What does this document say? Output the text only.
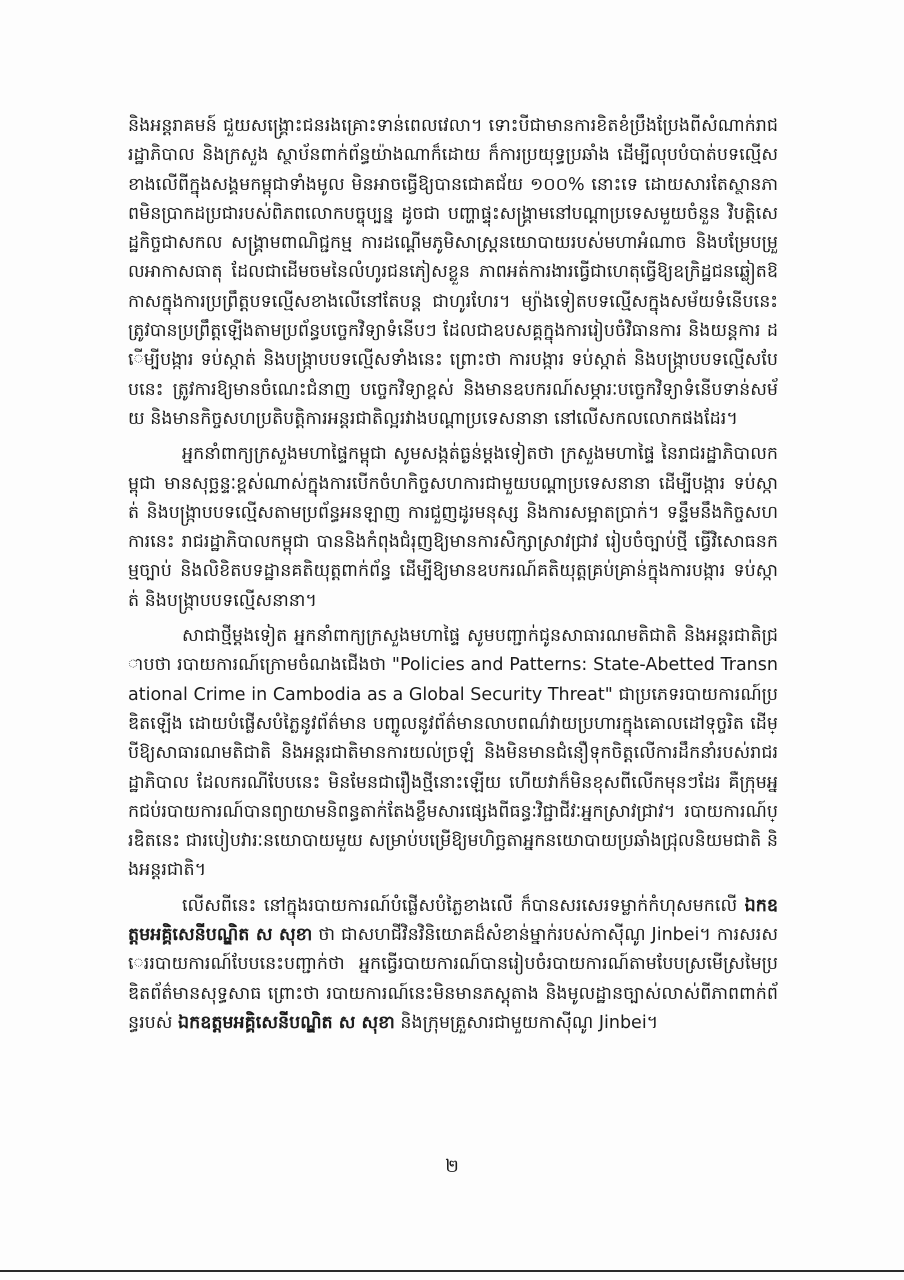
និងអន្តរាគមន៍ ជួយសង្គ្រោះជនរងគ្រោះទាន់ពេលវេលា។ ទោះបីជាមានការខិតខំប្រឹងប្រែងពីសំណាក់រាជរដ្ឋាភិបាល និងក្រសួង ស្ថាប័នពាក់ព័ន្ធយ៉ាងណាក៏ដោយ ក៏ការប្រយុទ្ធប្រឆាំង ដើម្បីលុបបំបាត់បទល្មើសខាងលើពីក្នុងសង្គមកម្ពុជាទាំងមូល មិនអាចធ្វើឱ្យបានជោគជ័យ ១០០% នោះទេ ដោយសារតែស្ថានភាពមិនប្រាកដប្រជារបស់ពិភពលោកបច្ចុប្បន្ន ដូចជា បញ្ហាផ្ទុះសង្គ្រាមនៅបណ្តាប្រទេសមួយចំនួន វិបត្តិសេដ្ឋកិច្ចជាសកល សង្គ្រាមពាណិជ្ជកម្ម ការដណ្តើមភូមិសាស្ត្រនយោបាយរបស់មហាអំណាច និងបម្រែបម្រួលអាកាសធាតុ ដែលជាដើមចមនៃលំហូរជនភៀសខ្លួន ភាពអត់ការងារធ្វើជាហេតុធ្វើឱ្យឧក្រិដ្ឋជនឆ្លៀតឱកាសក្នុងការប្រព្រឹត្តបទល្មើសខាងលើនៅតែបន្ត ជាហូរហែរ។ ម្យ៉ាងទៀតបទល្មើសក្នុងសម័យទំនើបនេះ ត្រូវបានប្រព្រឹត្តឡើងតាមប្រព័ន្ធបច្ចេកវិទ្យាទំនើបៗ ដែលជាឧបសគ្គក្នុងការរៀបចំវិធានការ និងយន្តការ ដើម្បីបង្ការ ទប់ស្កាត់ និងបង្ក្រាបបទល្មើសទាំងនេះ ព្រោះថា ការបង្ការ ទប់ស្កាត់ និងបង្ក្រាបបទល្មើសបែបនេះ ត្រូវការឱ្យមានចំណេះជំនាញ បច្ចេកវិទ្យាខ្ពស់ និងមានឧបករណ៍សម្ភារៈបច្ចេកវិទ្យាទំនើបទាន់សម័យ និងមានកិច្ចសហប្រតិបត្តិការអន្តរជាតិល្អរវាងបណ្តាប្រទេសនានា នៅលើសកលលោកផងដែរ។

អ្នកនាំពាក្យក្រសួងមហាផ្ទៃកម្ពុជា សូមសង្កត់ធ្ងន់ម្តងទៀតថា ក្រសួងមហាផ្ទៃ នៃរាជរដ្ឋាភិបាលកម្ពុជា មានសុច្ឆន្ទៈខ្ពស់ណាស់ក្នុងការបើកចំហកិច្ចសហការជាមួយបណ្តាប្រទេសនានា ដើម្បីបង្ការ ទប់ស្កាត់ និងបង្ក្រាបបទល្មើសតាមប្រព័ន្ធអនឡាញ ការជួញដូរមនុស្ស និងការសម្អាតប្រាក់។ ទន្ទឹមនឹងកិច្ចសហការនេះ រាជរដ្ឋាភិបាលកម្ពុជា បាននិងកំពុងជំរុញឱ្យមានការសិក្សាស្រាវជ្រាវ រៀបចំច្បាប់ថ្មី ធ្វើវិសោធនកម្មច្បាប់ និងលិខិតបទដ្ឋានគតិយុត្តពាក់ព័ន្ធ ដើម្បីឱ្យមានឧបករណ៍គតិយុត្តគ្រប់គ្រាន់ក្នុងការបង្ការ ទប់ស្កាត់ និងបង្ក្រាបបទល្មើសនានា។

សាជាថ្មីម្តងទៀត អ្នកនាំពាក្យក្រសួងមហាផ្ទៃ សូមបញ្ជាក់ជូនសាធារណមតិជាតិ និងអន្តរជាតិជ្រាបថា របាយការណ៍ក្រោមចំណងជើងថា "Policies and Patterns: State-Abetted Transnational Crime in Cambodia as a Global Security Threat" ជាប្រភេទរបាយការណ៍ប្រឌិតឡើង ដោយបំផ្លើសបំភ្លៃនូវព័ត៌មាន បញ្ចូលនូវព័ត៌មានលាបពណ៌វាយប្រហារក្នុងគោលដៅទុច្ចរិត ដើម្បីឱ្យសាធារណមតិជាតិ និងអន្តរជាតិមានការយល់ច្រឡំ និងមិនមានជំនឿទុកចិត្តលើការដឹកនាំរបស់រាជរដ្ឋាភិបាល ដែលករណីបែបនេះ មិនមែនជារឿងថ្មីនោះឡើយ ហើយវាក៏មិនខុសពីលើកមុនៗដែរ គឺក្រុមអ្នកជប់របាយការណ៍បានព្យាយាមនិពន្ធតាក់តែងខ្លឹមសារផ្សេងពីធន្ធៈវិជ្ជាជីវៈអ្នកស្រាវជ្រាវ។ របាយការណ៍ប្រឌិតនេះ ជារបៀបវារៈនយោបាយមួយ សម្រាប់បម្រើឱ្យមហិច្ឆតាអ្នកនយោបាយប្រឆាំងជ្រុលនិយមជាតិ និងអន្តរជាតិ។

លើសពីនេះ នៅក្នុងរបាយការណ៍បំផ្លើសបំភ្លៃខាងលើ ក៏បានសរសេរទម្លាក់កំហុសមកលើ ឯកឧត្តមអគ្គិសេនីបណ្ឌិត ស សុខា ថា ជាសហជីវិនវិនិយោគដ៏សំខាន់ម្នាក់របស់កាស៊ីណូ Jinbei។ ការសរសេររបាយការណ៍បែបនេះបញ្ជាក់ថា អ្នកធ្វើរបាយការណ៍បានរៀបចំរបាយការណ៍តាមបែបស្រមើស្រមៃប្រឌិតព័ត៌មានសុទ្ធសាធ ព្រោះថា របាយការណ៍នេះមិនមានភស្តុតាង និងមូលដ្ឋានច្បាស់លាស់ពីភាពពាក់ព័ន្ធរបស់ ឯកឧត្តមអគ្គិសេនីបណ្ឌិត ស សុខា និងក្រុមគ្រួសារជាមួយកាស៊ីណូ Jinbei។

២
